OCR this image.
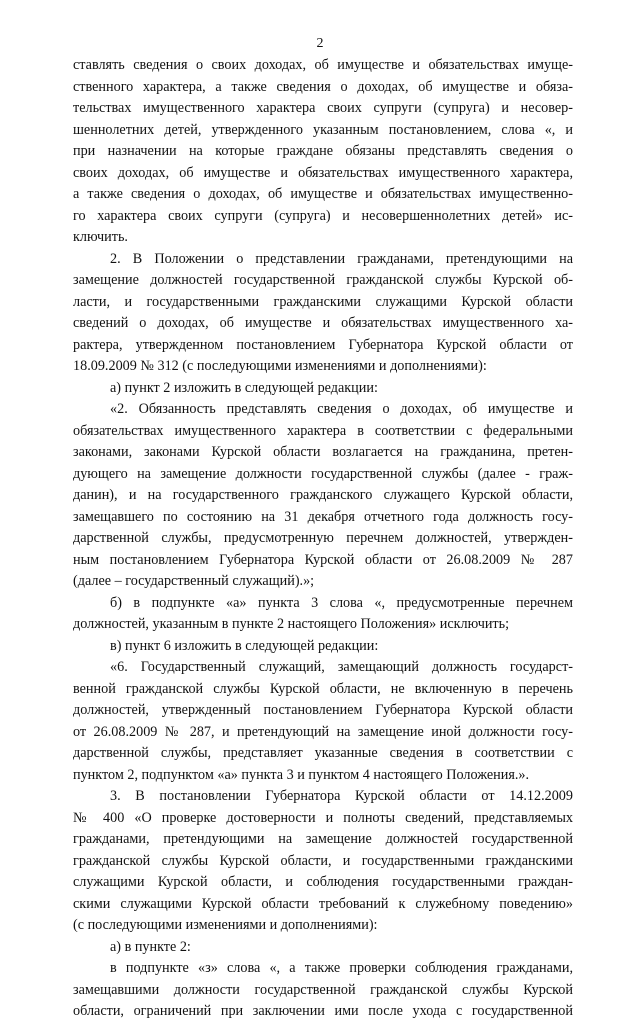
2
ставлять сведения о своих доходах, об имуществе и обязательствах имуще-
ственного характера, а также сведения о доходах, об имуществе и обяза-
тельствах имущественного характера своих супруги (супруга) и несовер-
шеннолетних детей, утвержденного указанным постановлением, слова «, и
при назначении на которые граждане обязаны представлять сведения о
своих доходах, об имуществе и обязательствах имущественного характера,
а также сведения о доходах, об имуществе и обязательствах имущественно-
го характера своих супруги (супруга) и несовершеннолетних детей» ис-
ключить.
2. В Положении о представлении гражданами, претендующими на
замещение должностей государственной гражданской службы Курской об-
ласти, и государственными гражданскими служащими Курской области
сведений о доходах, об имуществе и обязательствах имущественного ха-
рактера, утвержденном постановлением Губернатора Курской области от
18.09.2009 № 312 (с последующими изменениями и дополнениями):
а) пункт 2 изложить в следующей редакции:
«2. Обязанность представлять сведения о доходах, об имуществе и
обязательствах имущественного характера в соответствии с федеральными
законами, законами Курской области возлагается на гражданина, претен-
дующего на замещение должности государственной службы (далее - граж-
данин), и на государственного гражданского служащего Курской области,
замещавшего по состоянию на 31 декабря отчетного года должность госу-
дарственной службы, предусмотренную перечнем должностей, утвержден-
ным постановлением Губернатора Курской области от 26.08.2009 № 287
(далее – государственный служащий).»;
б) в подпункте «а» пункта 3 слова «, предусмотренные перечнем
должностей, указанным в пункте 2 настоящего Положения» исключить;
в) пункт 6 изложить в следующей редакции:
«6. Государственный служащий, замещающий должность государст-
венной гражданской службы Курской области, не включенную в перечень
должностей, утвержденный постановлением Губернатора Курской области
от 26.08.2009 № 287, и претендующий на замещение иной должности госу-
дарственной службы, представляет указанные сведения в соответствии с
пунктом 2, подпунктом «а» пункта 3 и пунктом 4 настоящего Положения.».
3. В постановлении Губернатора Курской области от 14.12.2009
№ 400 «О проверке достоверности и полноты сведений, представляемых
гражданами, претендующими на замещение должностей государственной
гражданской службы Курской области, и государственными гражданскими
служащими Курской области, и соблюдения государственными граждан-
скими служащими Курской области требований к служебному поведению»
(с последующими изменениями и дополнениями):
а) в пункте 2:
в подпункте «з» слова «, а также проверки соблюдения гражданами,
замещавшими должности государственной гражданской службы Курской
области, ограничений при заключении ими после ухода с государственной
